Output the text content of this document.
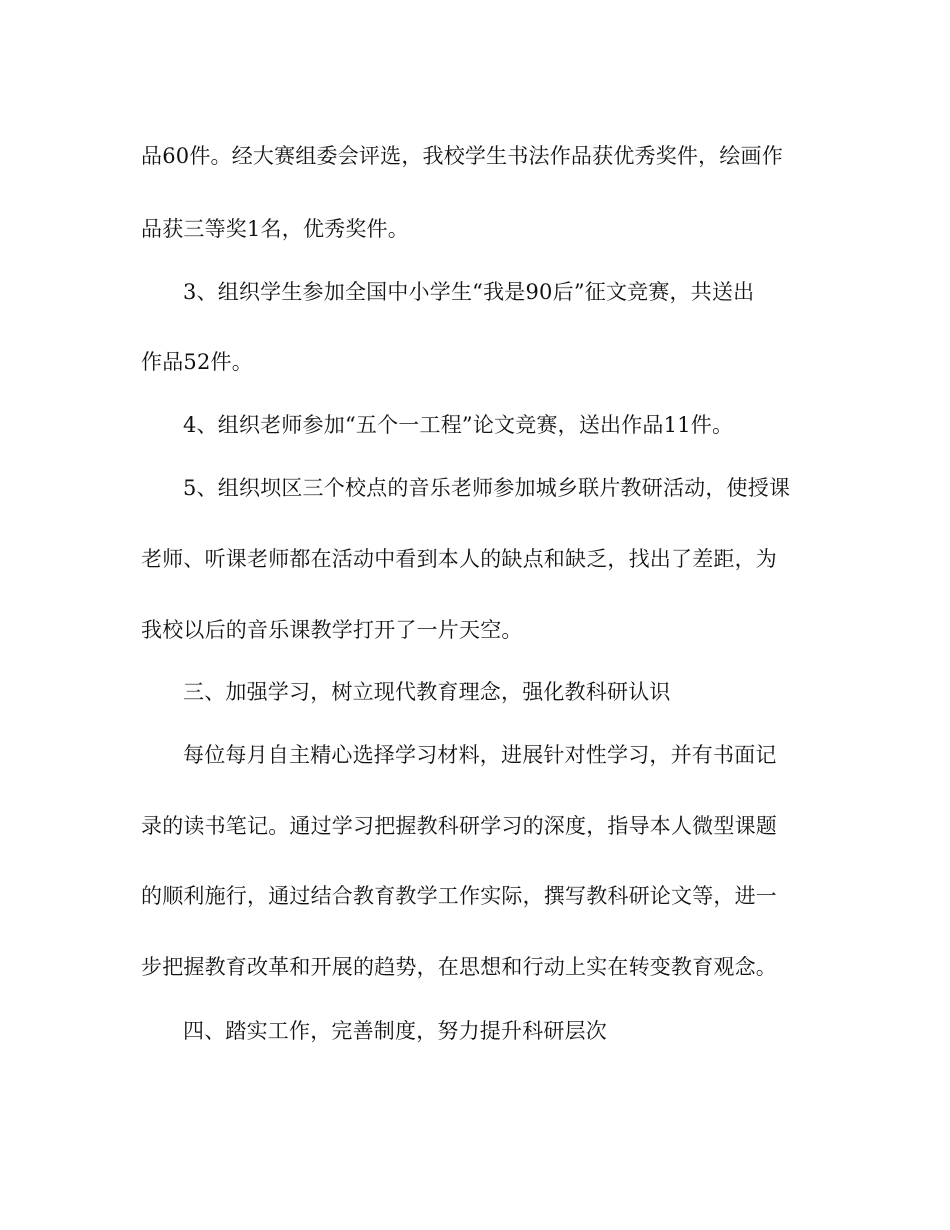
品60件。经大赛组委会评选，我校学生书法作品获优秀奖件，绘画作
品获三等奖1名，优秀奖件。
3、组织学生参加全国中小学生“我是90后”征文竞赛，共送出
作品52件。
4、组织老师参加“五个一工程”论文竞赛，送出作品11件。
5、组织坝区三个校点的音乐老师参加城乡联片教研活动，使授课
老师、听课老师都在活动中看到本人的缺点和缺乏，找出了差距，为
我校以后的音乐课教学打开了一片天空。
三、加强学习，树立现代教育理念，强化教科研认识
每位每月自主精心选择学习材料，进展针对性学习，并有书面记
录的读书笔记。通过学习把握教科研学习的深度，指导本人微型课题
的顺利施行，通过结合教育教学工作实际，撰写教科研论文等，进一
步把握教育改革和开展的趋势，在思想和行动上实在转变教育观念。
四、踏实工作，完善制度，努力提升科研层次
